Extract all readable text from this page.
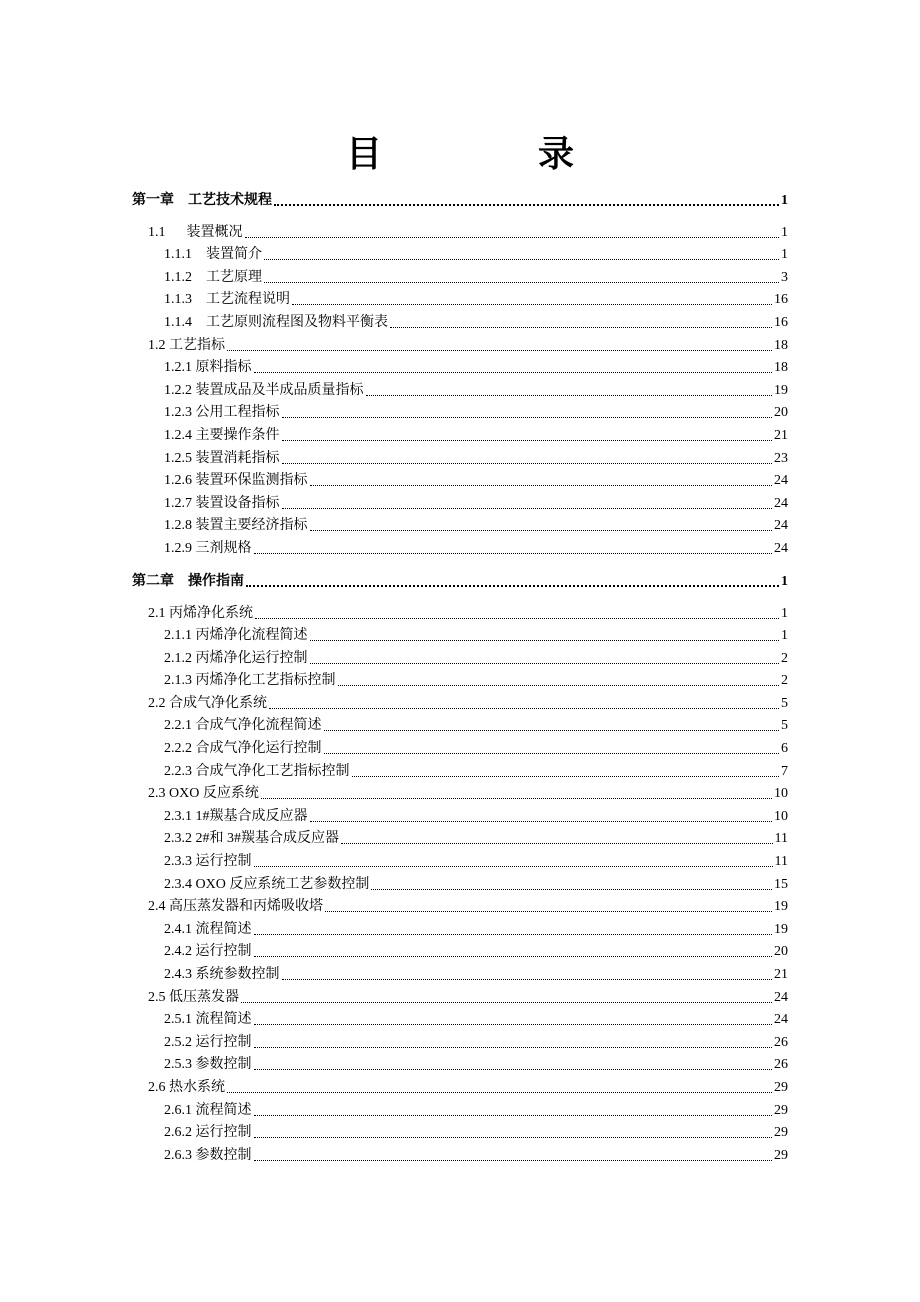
目　录
第一章　工艺技术规程	1
1.1      装置概况	1
1.1.1    装置简介	1
1.1.2    工艺原理	3
1.1.3    工艺流程说明	16
1.1.4    工艺原则流程图及物料平衡表	16
1.2 工艺指标	18
1.2.1 原料指标	18
1.2.2 装置成品及半成品质量指标	19
1.2.3 公用工程指标	20
1.2.4 主要操作条件	21
1.2.5 装置消耗指标	23
1.2.6 装置环保监测指标	24
1.2.7 装置设备指标	24
1.2.8 装置主要经济指标	24
1.2.9 三剂规格	24
第二章　操作指南	1
2.1 丙烯净化系统	1
2.1.1 丙烯净化流程简述	1
2.1.2 丙烯净化运行控制	2
2.1.3 丙烯净化工艺指标控制	2
2.2 合成气净化系统	5
2.2.1 合成气净化流程简述	5
2.2.2 合成气净化运行控制	6
2.2.3 合成气净化工艺指标控制	7
2.3 OXO 反应系统	10
2.3.1 1#羰基合成反应器	10
2.3.2 2#和 3#羰基合成反应器	11
2.3.3 运行控制	11
2.3.4 OXO 反应系统工艺参数控制	15
2.4 高压蒸发器和丙烯吸收塔	19
2.4.1 流程简述	19
2.4.2 运行控制	20
2.4.3 系统参数控制	21
2.5 低压蒸发器	24
2.5.1 流程简述	24
2.5.2 运行控制	26
2.5.3 参数控制	26
2.6 热水系统	29
2.6.1 流程简述	29
2.6.2 运行控制	29
2.6.3 参数控制	29
